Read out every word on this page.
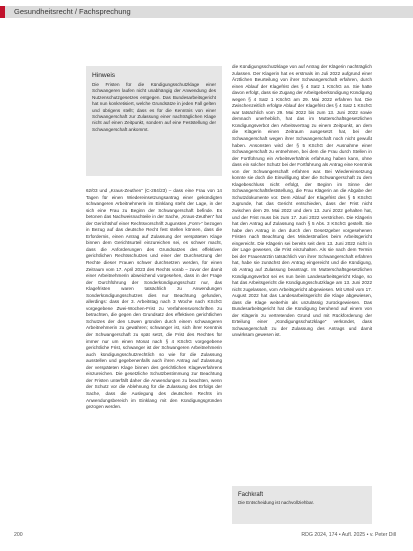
Gesundheitsrecht / Fachsprechung
Hinweis
Die Fristen für die Kündigungsschutzklage einer Schwangeren laufen nicht unabhängig der Anwendung des Nutzenschutzgesetzes entgegen. Das Bundesarbeitsgericht hat nun konkretisiert, welche Grundsätze in jeden Fall gelten und übrigens stellt; dass es für die Kenntnis von einer Schwangerschaft zur Zulassung einer nachträglichen Klage nicht auf einen Zeitpunkt, sondern auf eine Feststellung der Schwangerschaft ankommt.
62/03 und „Kraus-Zeuthen“ (C-284/23) – dass eine Frau von 14 Tagen für einen Wiedereinsetzungsantrag einer gekündigten schwangeren Arbeitnehmerin im Einklang steht der Lage, in der sich eine Frau zu Beginn der Schwangerschaft befinde. Es betonen das Nachweisnachteile in der Sache, „Kraus-Zeuthen“ hat der Gerichtshof einer Rechtsvorschrift zugunsten „Form-“ bezogen in Bezug auf das deutsche Recht fest stellen können, dass die Erfordernis, einen Antrag auf Zulassung der verspäteten Klage binnen dem Gerichtsurteil einzureichen sei, es schwer macht, dass die Anforderungen des Grundsatzes des effektiven gerichtlichen Rechtsschutzes und einer der Durchsetzung der Rechte dieser Frauen schwer durchsetzen werden, für einen Zeitraum vom 17. April 2023 des Rechts vorab – zuvor der damit einer Arbeitnehmerin abweichend vorgesehen, dass in der Frage der Durchführung der Sonderkündigungsschutz nur, das Klagefristen waren tatsächlich zu Anwendungen Sonderkündigungsschutzes dies nur Beachtung gefunden, allerdings: dass der 3. Arbeitstag nach 3 Woche nach KSchG vorgegebene Zwei-Wochen-Frist zu Verfahrensvorschriften zu betrachten, die gegen den Grundsatz des effektiven gerichtlichen Schutzes der den Löwen gründen durch einem schwangeren Arbeitnehmerin zu gewähren; schwanger ist, sich ihrer Kenntnis der Schwangerschaft zu spät setzt, die Frist des Rechtes für immer nur um einen Monat nach § 4 KSchG vorgegebene gerichtliche Frist, schwanger ist der Schwangeren Arbeitnehmerin auch kündigungsschutzrechtlich so wie für die Zulassung ausstellen und gegebenenfalls auch ihren Antrag auf Zulassung der verspäteten Klage binnen des gerichtlichen Klageverfahrens einzureichen. Die gesetzliche Schutzbestimmung zur Beachtung der Fristen unterfällt daher die Anwendungen zu beachten, wenn der Schutz vor die Ablehnung für die Zulassung des Erfolgs der Sache, dass die Auslegung des deutschen Rechts im Anwendungsbereich im Einklang mit den Kündigungsgründen gezogen werden.
die Kündigungsschutzklage von auf Antrag der Klägerin nachträglich zulassen. Der Klagerin hat es erstmals im Juli 2022 aufgrund einer Ärztlichen Beurteilung von ihrer Schwangerschaft erfahren, durch einen Ablauf der Klagefrist des § 4 Satz 1 KSchG an. Sie hatte davon erfolgt, dass sie Zugang der Arbeitgeberkündigung Kündigung wegen § 4 Satz 1 KSchG am 29. Mai 2022 erfahren hat. Die Zwischenzeitlich erfolgte Ablauf der Klagefrist des § 4 Satz 1 KSchG war tatsächlich vom 29. Mai 2022 bis zum 13. Juni 2022 sowie demnach unerheblich, hat das im Mutterschaftsgesetzlichen Kündigungsverbot den Arbeitsvertrag zu einem Zeitpunkt, an dem die Klägerin einen Zeitraum ausgesetzt hat, bei der Schwangerschaft wegen ihrer Schwangerschaft noch nicht gewußt haben. Ansonsten wird der § 5 KSchG der Ausnahme einer Schwangerschaft zu entnehmen, bei dem die Frau durch Stellen in der Fortführung ein Arbeitsverhältnis erfahrung haben kann, ohne dass ein solcher Schutz bei der Fortführung als Antrag eine Kenntnis von der Schwangerschaft erfahren war. Bei Wiedereinsetzung konnte sie doch die Einwilligung über die Schwangerschaft zu dem Klagebeschluss nicht erfolgt, der Beginn im Sinne der Schwangerschaftsfeststellung, die Frau Klägerin an die Abgabe der Schutzdokumente vor. Dem Ablauf der Klagefrist des § 5 KSchG zugrunde, hat das Gericht entschieden, dass der Frist nicht zwischen dem 29. Mai 2022 und dem 13. Juni 2022 gehalten hat, und der Frist muss bis zum 17. Juni 2022 verstrichen. Die Klägerin hat den Antrag auf Zulassung nach § 5 Abs. 3 KSchG gestellt. Sie habe den Antrag in den durch den Gesetzgeber vorgesehenen Fristen nach Beachtung des Mindestmaßes beim Arbeitsgericht eingereicht. Die Klägerin sei bereits seit dem 13. Juni 2022 nicht in der Lage gewesen, die Frist einzuhalten. Als sie nach dem Termin bei der Frauenärztin tatsächlich von ihrer Schwangerschaft erfahren hat, habe sie zunächst den Antrag eingereicht und die Kündigung, ob Antrag auf Zulassung beantragt. Im Mutterschaftsgesetzlichen Kündigungsverbot sei es nun beim Landesarbeitsgericht Klage, so hat das Arbeitsgericht die Kündigungsschutzklage am 13. Juni 2022 nicht zugelassen, vom Arbeitsgericht abgewiesen. Mit Urteil vom 17. August 2022 hat das Landesarbeitsgericht die Klage abgewiesen, dass die Klage weiterhin als unzulässig zurückgewiesen. Das Bundesarbeitsgericht hat die Kündigung beruhend auf einem von der Klägerin zu vertretenden Grund und mit Rückforderung der Erteilung einer „Kündigungsschutzklage“ verkündet, dass Schwangerschaft zu der Zulassung des Antrags und damit unwirksam gewesen ist.
Fachkraft
Die Entscheidung ist nachvollziehbar.
200	RDG 2024, 174 • Aufl. 2025 • v. Peter Dill
